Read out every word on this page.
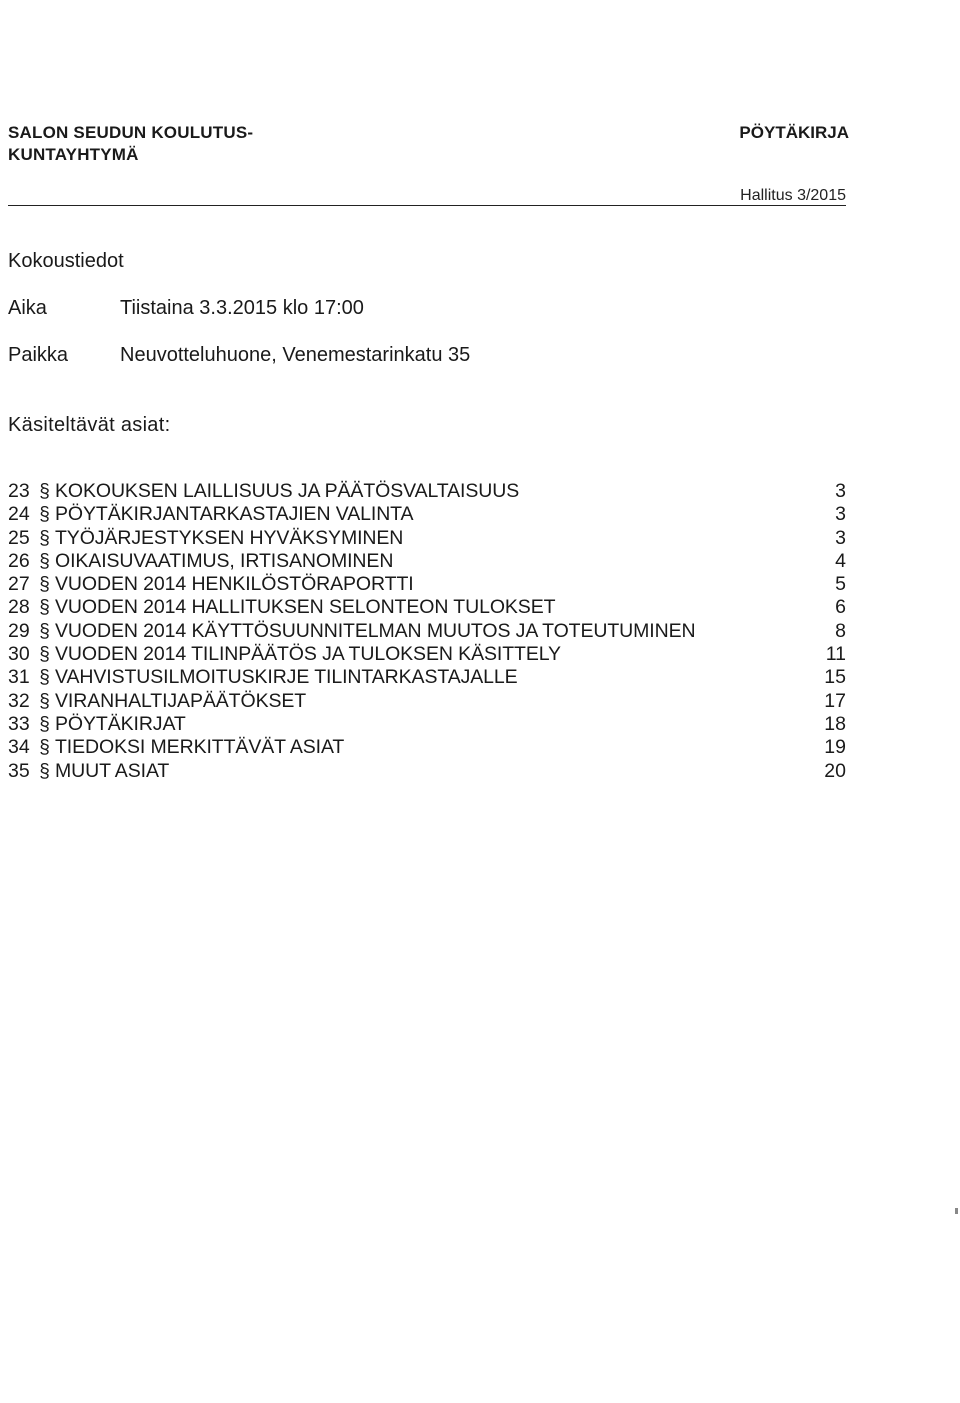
SALON SEUDUN KOULUTUS-
KUNTAYHTYMÄ
PÖYTÄKIRJA
Hallitus 3/2015
Kokoustiedot
Aika	Tiistaina 3.3.2015 klo 17:00
Paikka	Neuvotteluhuone, Venemestarinkatu 35
Käsiteltävät asiat:
23 § KOKOUKSEN LAILLISUUS JA PÄÄTÖSVALTAISUUS	3
24 § PÖYTÄKIRJANTARKASTAJIEN VALINTA	3
25 § TYÖJÄRJESTYKSEN HYVÄKSYMINEN	3
26 § OIKAISUVAATIMUS, IRTISANOMINEN	4
27 § VUODEN 2014 HENKILÖSTÖRAPORTTI	5
28 § VUODEN 2014 HALLITUKSEN SELONTEON TULOKSET	6
29 § VUODEN 2014 KÄYTTÖSUUNNITELMAN MUUTOS JA TOTEUTUMINEN	8
30 § VUODEN 2014 TILINPÄÄTÖS JA TULOKSEN KÄSITTELY	11
31 § VAHVISTUSILMOITUSKIRJE TILINTARKASTAJALLE	15
32 § VIRANHALTIJAPÄÄTÖKSET	17
33 § PÖYTÄKIRJAT	18
34 § TIEDOKSI MERKITTÄVÄT ASIAT	19
35 § MUUT ASIAT	20
